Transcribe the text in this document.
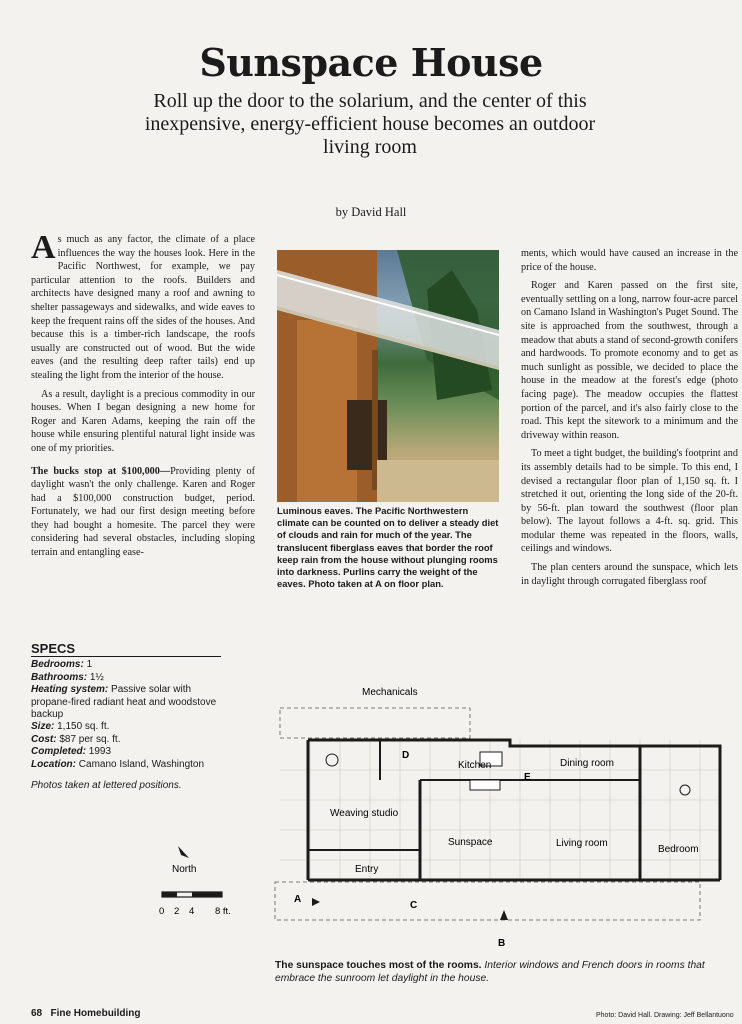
Sunspace House
Roll up the door to the solarium, and the center of this inexpensive, energy-efficient house becomes an outdoor living room
by David Hall

As much as any factor, the climate of a place influences the way the houses look. Here in the Pacific Northwest, for example, we pay particular attention to the roofs. Builders and architects have designed many a roof and awning to shelter passageways and sidewalks, and wide eaves to keep the frequent rains off the sides of the houses. And because this is a timber-rich landscape, the roofs usually are constructed out of wood. But the wide eaves (and the resulting deep rafter tails) end up stealing the light from the interior of the house.

As a result, daylight is a precious commodity in our houses. When I began designing a new home for Roger and Karen Adams, keeping the rain off the house while ensuring plentiful natural light inside was one of my priorities.

The bucks stop at $100,000—Providing plenty of daylight wasn't the only challenge. Karen and Roger had a $100,000 construction budget, period. Fortunately, we had our first design meeting before they had bought a homesite. The parcel they were considering had several obstacles, including sloping terrain and entangling ease-

Luminous eaves. The Pacific Northwestern climate can be counted on to deliver a steady diet of clouds and rain for much of the year. The translucent fiberglass eaves that border the roof keep rain from the house without plunging rooms into darkness. Purlins carry the weight of the eaves. Photo taken at A on floor plan.

ments, which would have caused an increase in the price of the house.

Roger and Karen passed on the first site, eventually settling on a long, narrow four-acre parcel on Camano Island in Washington's Puget Sound. The site is approached from the southwest, through a meadow that abuts a stand of second-growth conifers and hardwoods. To promote economy and to get as much sunlight as possible, we decided to place the house in the meadow at the forest's edge (photo facing page). The meadow occupies the flattest portion of the parcel, and it's also fairly close to the road. This kept the sitework to a minimum and the driveway within reason.

To meet a tight budget, the building's footprint and its assembly details had to be simple. To this end, I devised a rectangular floor plan of 1,150 sq. ft. I stretched it out, orienting the long side of the 20-ft. by 56-ft. plan toward the southwest (floor plan below). The layout follows a 4-ft. sq. grid. This modular theme was repeated in the floors, walls, ceilings and windows.

The plan centers around the sunspace, which lets in daylight through corrugated fiberglass roof

SPECS
Bedrooms: 1
Bathrooms: 1½
Heating system: Passive solar with propane-fired radiant heat and woodstove backup
Size: 1,150 sq. ft.
Cost: $87 per sq. ft.
Completed: 1993
Location: Camano Island, Washington
Photos taken at lettered positions.
North
0 2 4 8 ft.
Mechanicals
Kitchen	Dining room
Weaving studio
Sunspace	Living room
Bedroom
Entry
A
B
C
D
E
The sunspace touches most of the rooms. Interior windows and French doors in rooms that embrace the sunroom let daylight in the house.
68 Fine Homebuilding	Photo: David Hall. Drawing: Jeff Bellantuono
